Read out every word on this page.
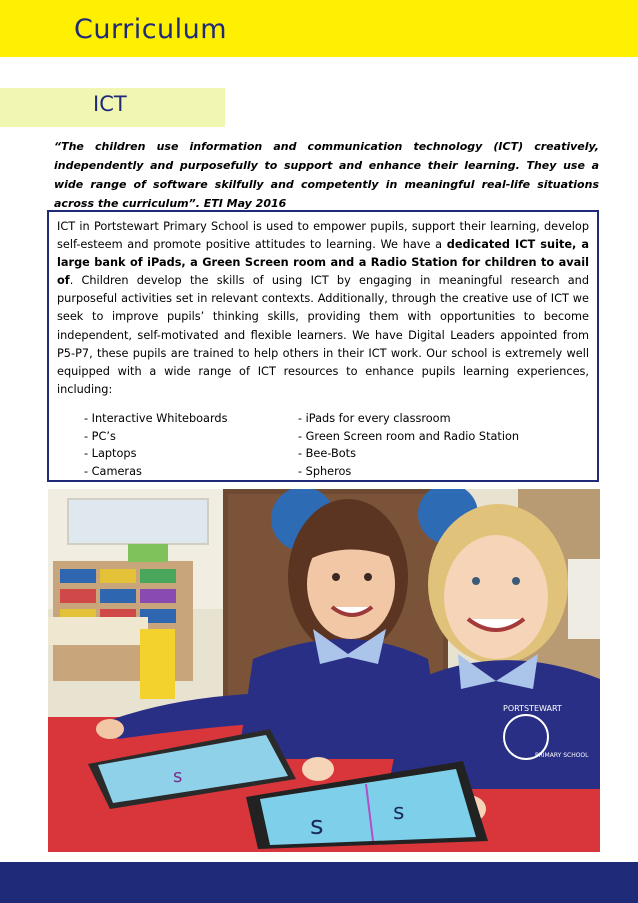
Curriculum
ICT
“The children use information and communication technology (ICT) creatively, independently and purposefully to support and enhance their learning. They use a wide range of software skilfully and competently in meaningful real-life situations across the curriculum”. ETI May 2016
ICT in Portstewart Primary School is used to empower pupils, support their learning, develop self-esteem and promote positive attitudes to learning. We have a dedicated ICT suite, a large bank of iPads, a Green Screen room and a Radio Station for children to avail of. Children develop the skills of using ICT by engaging in meaningful research and purposeful activities set in relevant contexts. Additionally, through the creative use of ICT we seek to improve pupils’ thinking skills, providing them with opportunities to become independent, self-motivated and flexible learners. We have Digital Leaders appointed from P5-P7, these pupils are trained to help others in their ICT work. Our school is extremely well equipped with a wide range of ICT resources to enhance pupils learning experiences, including:
- Interactive Whiteboards
- PC’s
- Laptops
- Cameras
- iPads for every classroom
- Green Screen room and Radio Station
- Bee-Bots
- Spheros
PORTSTEWART
PRIMARY SCHOOL
s
s	s
